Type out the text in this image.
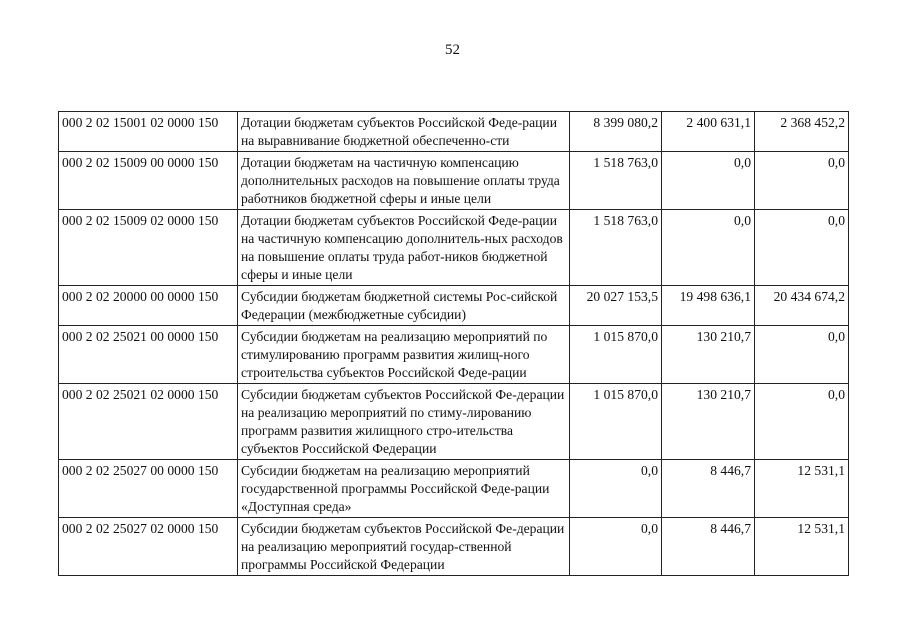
52
000 2 02 15001 02 0000 150	Дотации бюджетам субъектов Российской Феде-рации на выравнивание бюджетной обеспеченно-сти	8 399 080,2	2 400 631,1	2 368 452,2
000 2 02 15009 00 0000 150	Дотации бюджетам на частичную компенсацию дополнительных расходов на повышение оплаты труда работников бюджетной сферы и иные цели	1 518 763,0	0,0	0,0
000 2 02 15009 02 0000 150	Дотации бюджетам субъектов Российской Феде-рации на частичную компенсацию дополнитель-ных расходов на повышение оплаты труда работ-ников бюджетной сферы и иные цели	1 518 763,0	0,0	0,0
000 2 02 20000 00 0000 150	Субсидии бюджетам бюджетной системы Рос-сийской Федерации (межбюджетные субсидии)	20 027 153,5	19 498 636,1	20 434 674,2
000 2 02 25021 00 0000 150	Субсидии бюджетам на реализацию мероприятий по стимулированию программ развития жилищ-ного строительства субъектов Российской Феде-рации	1 015 870,0	130 210,7	0,0
000 2 02 25021 02 0000 150	Субсидии бюджетам субъектов Российской Фе-дерации на реализацию мероприятий по стиму-лированию программ развития жилищного стро-ительства субъектов Российской Федерации	1 015 870,0	130 210,7	0,0
000 2 02 25027 00 0000 150	Субсидии бюджетам на реализацию мероприятий государственной программы Российской Феде-рации «Доступная среда»	0,0	8 446,7	12 531,1
000 2 02 25027 02 0000 150	Субсидии бюджетам субъектов Российской Фе-дерации на реализацию мероприятий государ-ственной программы Российской Федерации	0,0	8 446,7	12 531,1
